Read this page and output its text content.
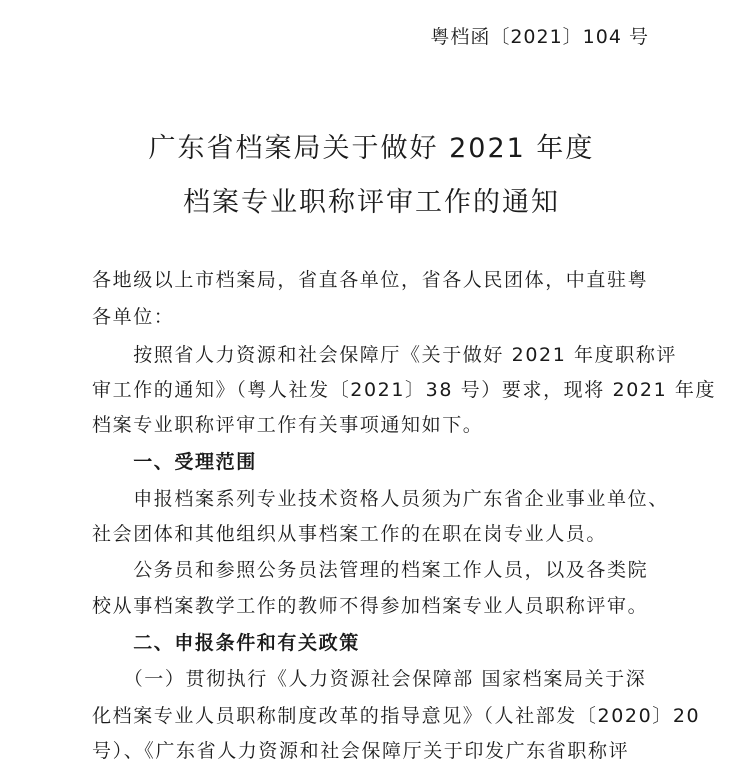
粤档函〔2021〕104 号
广东省档案局关于做好 2021 年度
档案专业职称评审工作的通知
各地级以上市档案局，省直各单位，省各人民团体，中直驻粤
各单位：
　　按照省人力资源和社会保障厅《关于做好 2021 年度职称评
审工作的通知》（粤人社发〔2021〕38 号）要求，现将 2021 年度
档案专业职称评审工作有关事项通知如下。
　　一、受理范围
　　申报档案系列专业技术资格人员须为广东省企业事业单位、
社会团体和其他组织从事档案工作的在职在岗专业人员。
　　公务员和参照公务员法管理的档案工作人员，以及各类院
校从事档案教学工作的教师不得参加档案专业人员职称评审。
　　二、申报条件和有关政策
　　（一）贯彻执行《人力资源社会保障部 国家档案局关于深
化档案专业人员职称制度改革的指导意见》（人社部发〔2020〕20
号）、《广东省人力资源和社会保障厅关于印发广东省职称评
